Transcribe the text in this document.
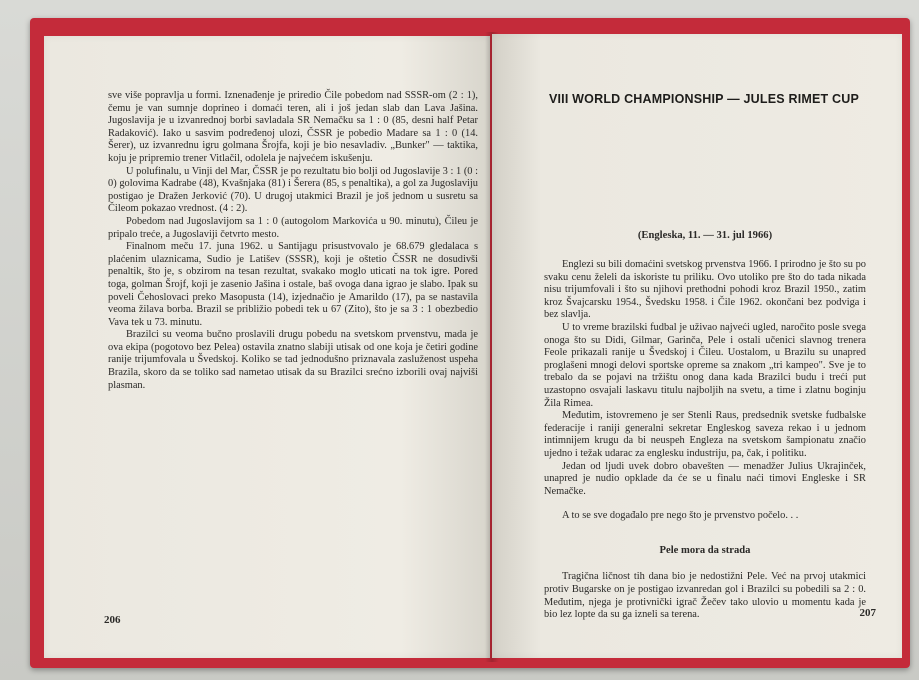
sve više popravlja u formi. Iznenađenje je priredio Čile pobedom nad SSSR-om (2 : 1), čemu je van sumnje doprineo i domaći teren, ali i još jedan slab dan Lava Jašina. Jugoslavija je u izvanrednoj borbi savladala SR Nemačku sa 1 : 0 (85, desni half Petar Radaković). Iako u sasvim podređenoj ulozi, ČSSR je pobedio Madare sa 1 : 0 (14. Šerer), uz izvanrednu igru golmana Šrojfa, koji je bio nesavladiv. „Bunker" — taktika, koju je pripremio trener Vitlačil, odolela je najvećem iskušenju.

U polufinalu, u Vinji del Mar, ČSSR je po rezultatu bio bolji od Jugoslavije 3 : 1 (0 : 0) golovima Kadrabe (48), Kvašnjaka (81) i Šerera (85, s penaltika), a gol za Jugoslaviju postigao je Dražen Jerković (70). U drugoj utakmici Brazil je još jednom u susretu sa Čileom pokazao vrednost. (4 : 2).

Pobedom nad Jugoslavijom sa 1 : 0 (autogolom Markovića u 90. minutu), Čileu je pripalo treće, a Jugoslaviji četvrto mesto.

Finalnom meču 17. juna 1962. u Santijagu prisustvovalo je 68.679 gledalaca s plaćenim ulaznicama, Sudio je Latišev (SSSR), koji je oštetio ČSSR ne dosudivši penaltik, što je, s obzirom na tesan rezultat, svakako moglo uticati na tok igre. Pored toga, golman Šrojf, koji je zasenio Jašina i ostale, baš ovoga dana igrao je slabo. Ipak su poveli Čehoslovaci preko Masopusta (14), izjednačio je Amarildo (17), pa se nastavila veoma žilava borba. Brazil se približio pobedi tek u 67 (Zito), što je sa 3 : 1 obezbedio Vava tek u 73. minutu.

Brazilci su veoma bučno proslavili drugu pobedu na svetskom prvenstvu, mada je ova ekipa (pogotovo bez Pelea) ostavila znatno slabiji utisak od one koja je četiri godine ranije trijumfovala u Švedskoj. Koliko se tad jednodušno priznavala zasluženost uspeha Brazila, skoro da se toliko sad nametao utisak da su Brazilci srećno izborili ovaj najviši plasman.

206
VIII WORLD CHAMPIONSHIP — JULES RIMET CUP
(Engleska, 11. — 31. jul 1966)

Englezi su bili domaćini svetskog prvenstva 1966. I prirodno je što su po svaku cenu želeli da iskoriste tu priliku. Ovo utoliko pre što do tada nikada nisu trijumfovali i što su njihovi prethodni pohodi kroz Brazil 1950., zatim kroz Švajcarsku 1954., Švedsku 1958. i Čile 1962. okončani bez podviga i bez slavlja.

U to vreme brazilski fudbal je uživao najveći ugled, naročito posle svega onoga što su Didi, Gilmar, Garinča, Pele i ostali učenici slavnog trenera Feole prikazali ranije u Švedskoj i Čileu. Uostalom, u Brazilu su unapred proglašeni mnogi delovi sportske opreme sa znakom „tri kampeo". Sve je to trebalo da se pojavi na tržištu onog dana kada Brazilci budu i treći put uzastopno osvajali laskavu titulu najboljih na svetu, a time i zlatnu boginju Žila Rimea.

Međutim, istovremeno je ser Stenli Raus, predsednik svetske fudbalske federacije i raniji generalni sekretar Engleskog saveza rekao i u jednom intimnijem krugu da bi neuspeh Engleza na svetskom šampionatu značio ujedno i težak udarac za englesku industriju, pa, čak, i politiku.

Jedan od ljudi uvek dobro obavešten — menadžer Julius Ukrajinček, unapred je nudio opklade da će se u finalu naći timovi Engleske i SR Nemačke.

A to se sve događalo pre nego što je prvenstvo počelo. . .

Pele mora da strada

Tragična ličnost tih dana bio je nedostižni Pele. Već na prvoj utakmici protiv Bugarske on je postigao izvanredan gol i Brazilci su pobedili sa 2 : 0. Međutim, njega je protivnički igrač Žečev tako ulovio u momentu kada je bio lez lopte da su ga izneli sa terena.	207
